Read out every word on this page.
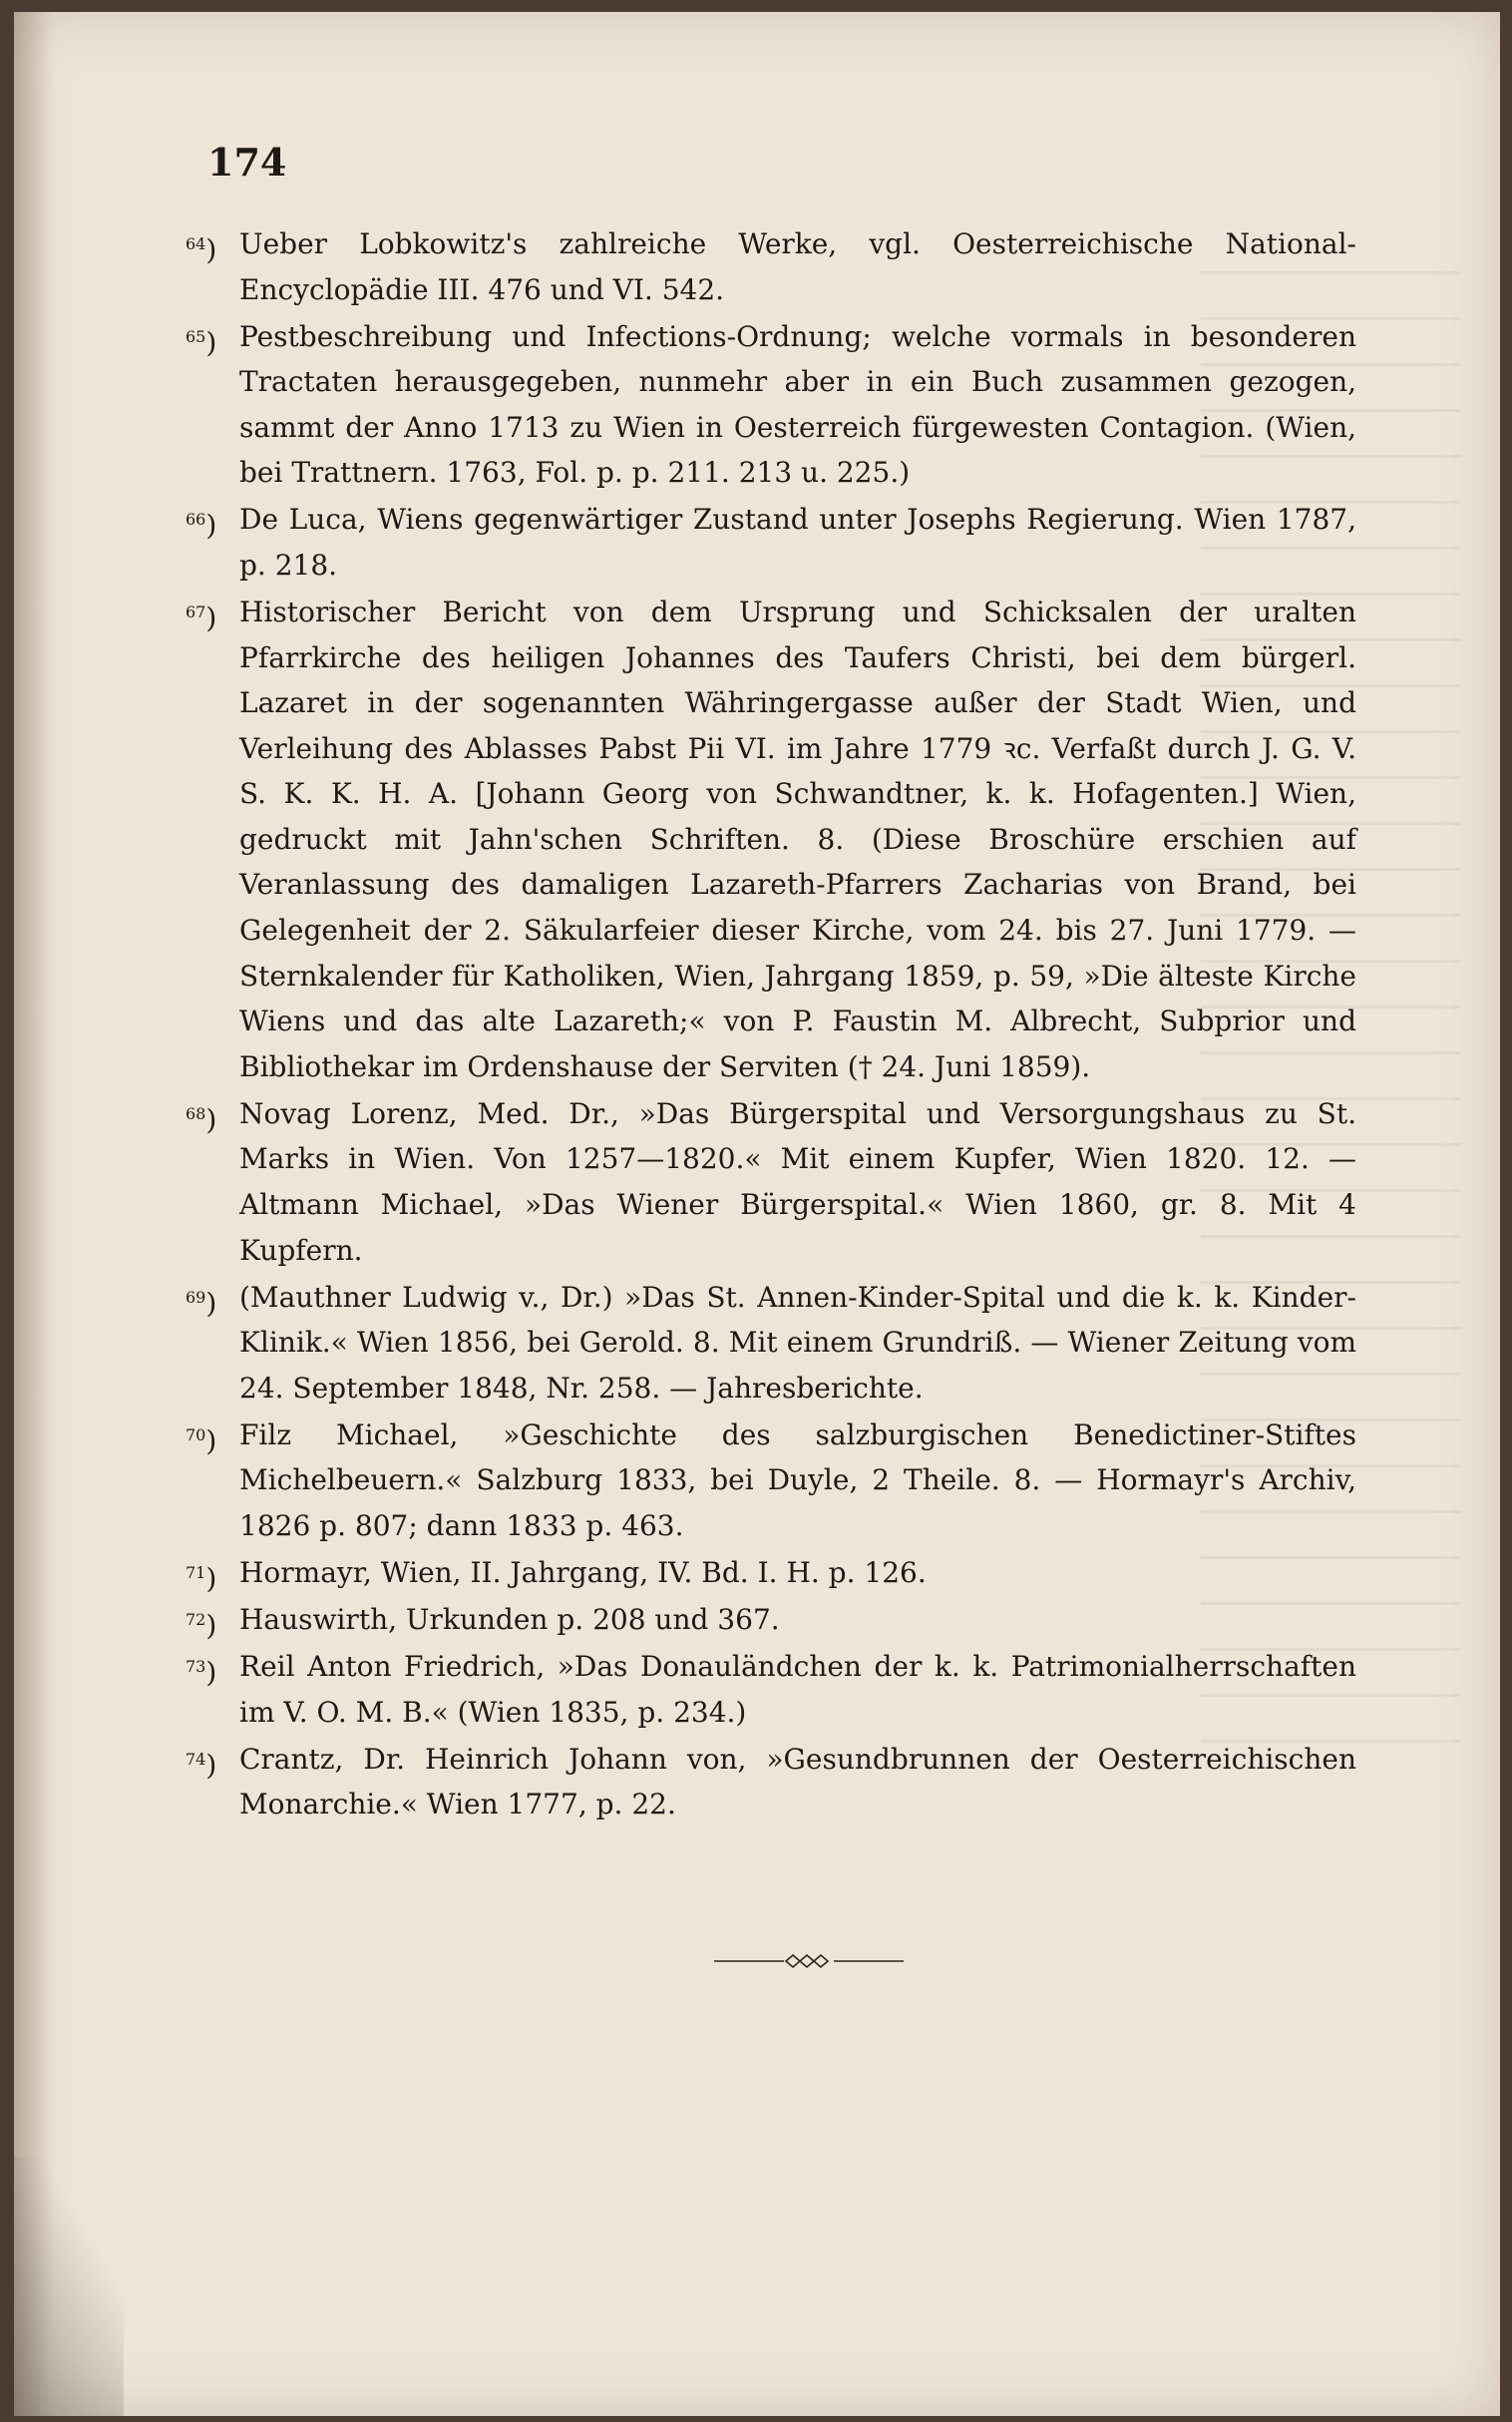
174
$^{64}$) Ueber Lobkowitz's zahlreiche Werke, vgl. Oesterreichische National-Encyclopädie III. 476 und VI. 542.
$^{65}$) Pestbeschreibung und Infections-Ordnung; welche vormals in besonderen Tractaten herausgegeben, nunmehr aber in ein Buch zusammen gezogen, sammt der Anno 1713 zu Wien in Oesterreich fürgewesten Contagion. (Wien, bei Trattnern. 1763, Fol. p. p. 211. 213 u. 225.)
$^{66}$) De Luca, Wiens gegenwärtiger Zustand unter Josephs Regierung. Wien 1787, p. 218.
$^{67}$) Historischer Bericht von dem Ursprung und Schicksalen der uralten Pfarrkirche des heiligen Johannes des Taufers Christi, bei dem bürgerl. Lazaret in der sogenannten Währingergasse außer der Stadt Wien, und Verleihung des Ablasses Pabst Pii VI. im Jahre 1779 ꝛc. Verfaßt durch J. G. V. S. K. K. H. A. [Johann Georg von Schwandtner, k. k. Hofagenten.] Wien, gedruckt mit Jahn'schen Schriften. 8. (Diese Broschüre erschien auf Veranlassung des damaligen Lazareth-Pfarrers Zacharias von Brand, bei Gelegenheit der 2. Säkularfeier dieser Kirche, vom 24. bis 27. Juni 1779. — Sternkalender für Katholiken, Wien, Jahrgang 1859, p. 59, »Die älteste Kirche Wiens und das alte Lazareth;« von P. Faustin M. Albrecht, Subprior und Bibliothekar im Ordenshause der Serviten († 24. Juni 1859).
$^{68}$) Novag Lorenz, Med. Dr., »Das Bürgerspital und Versorgungshaus zu St. Marks in Wien. Von 1257—1820.« Mit einem Kupfer, Wien 1820. 12. — Altmann Michael, »Das Wiener Bürgerspital.« Wien 1860, gr. 8. Mit 4 Kupfern.
$^{69}$) (Mauthner Ludwig v., Dr.) »Das St. Annen-Kinder-Spital und die k. k. Kinder-Klinik.« Wien 1856, bei Gerold. 8. Mit einem Grundriß. — Wiener Zeitung vom 24. September 1848, Nr. 258. — Jahresberichte.
$^{70}$) Filz Michael, »Geschichte des salzburgischen Benedictiner-Stiftes Michelbeuern.« Salzburg 1833, bei Duyle, 2 Theile. 8. — Hormayr's Archiv, 1826 p. 807; dann 1833 p. 463.
$^{71}$) Hormayr, Wien, II. Jahrgang, IV. Bd. I. H. p. 126.
$^{72}$) Hauswirth, Urkunden p. 208 und 367.
$^{73}$) Reil Anton Friedrich, »Das Donauländchen der k. k. Patrimonialherrschaften im V. O. M. B.« (Wien 1835, p. 234.)
$^{74}$) Crantz, Dr. Heinrich Johann von, »Gesundbrunnen der Oesterreichischen Monarchie.« Wien 1777, p. 22.
